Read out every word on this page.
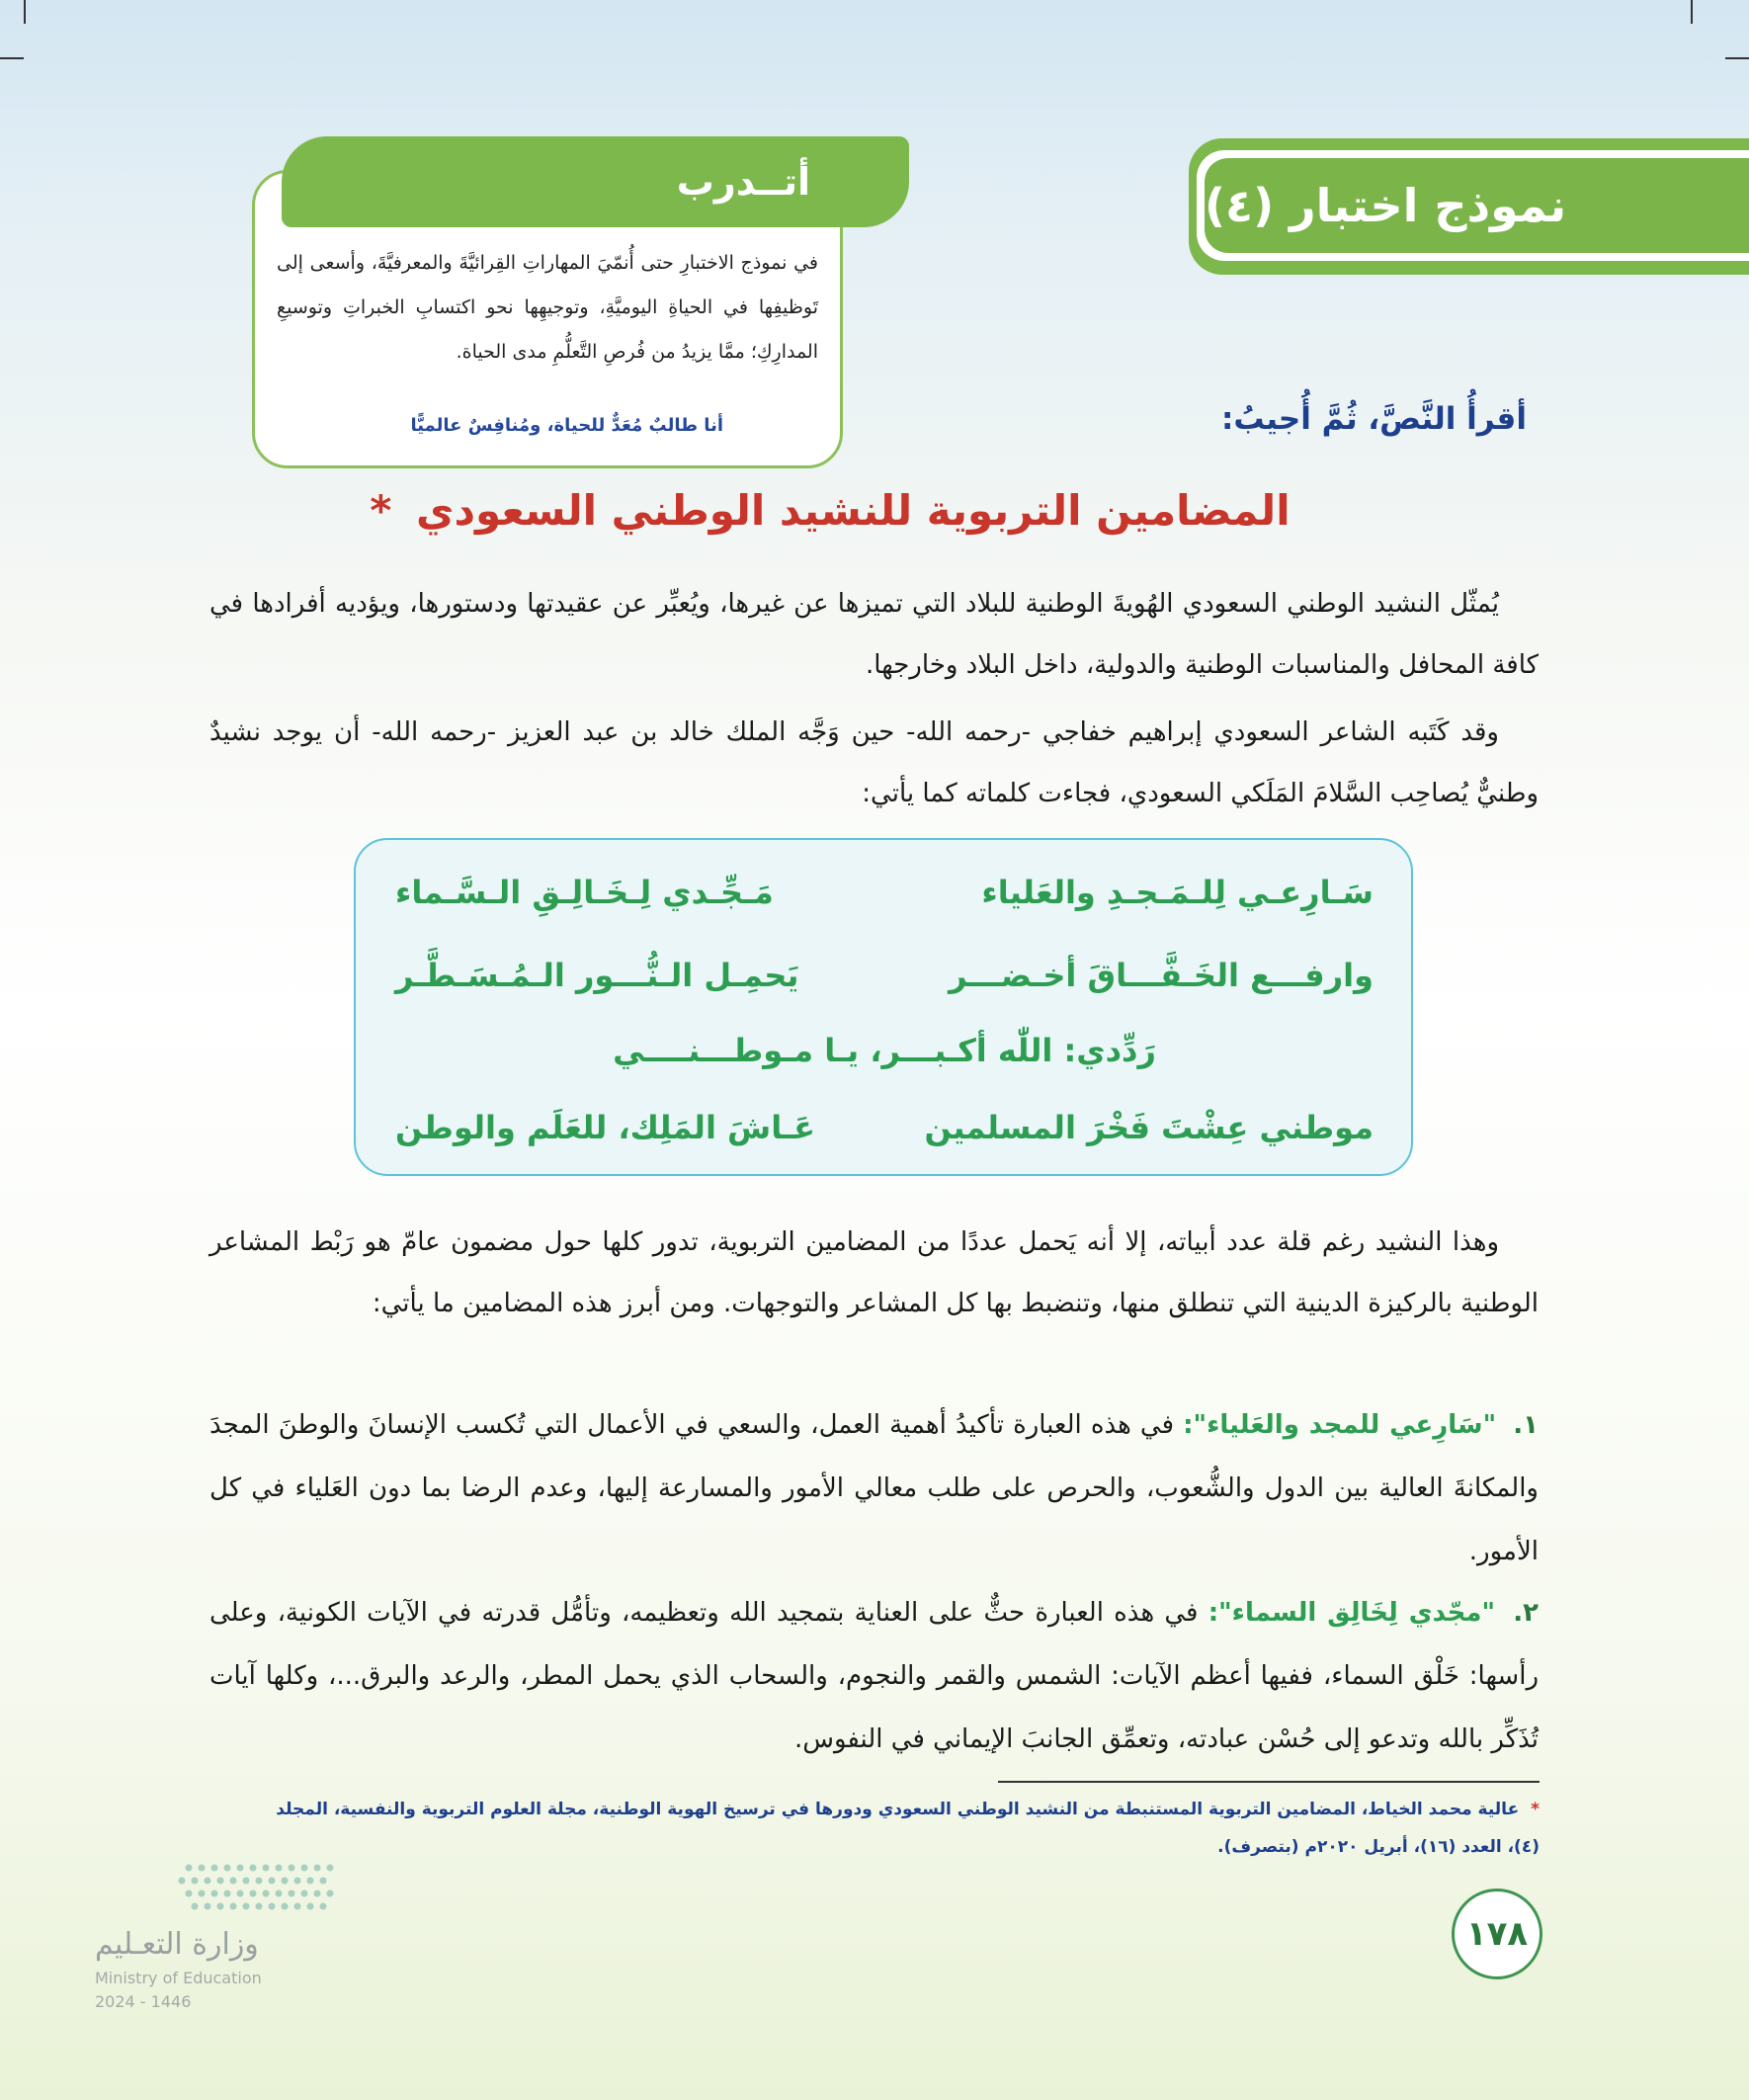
نموذج اختبار (٤)
أتــدرب
في نموذج الاختبارِ حتى أُنمّيَ المهاراتِ القِرائيَّةَ والمعرفيَّةَ، وأسعى إلى تَوظيفِها في الحياةِ اليوميَّةِ، وتوجيهِها نحو اكتسابِ الخبراتِ وتوسيعِ المدارِكِ؛ ممَّا يزيدُ من فُرصِ التَّعلُّمِ مدى الحياة.
أنا طالبٌ مُعَدٌّ للحياة، ومُنافِسٌ عالميًّا	أقرأُ النَّصَّ، ثُمَّ أُجيبُ:
المضامين التربوية للنشيد الوطني السعودي *
يُمثّل النشيد الوطني السعودي الهُويةَ الوطنية للبلاد التي تميزها عن غيرها، ويُعبِّر عن عقيدتها ودستورها، ويؤديه أفرادها في كافة المحافل والمناسبات الوطنية والدولية، داخل البلاد وخارجها.
وقد كَتَبه الشاعر السعودي إبراهيم خفاجي -رحمه الله- حين وَجَّه الملك خالد بن عبد العزيز -رحمه الله- أن يوجد نشيدٌ وطنيٌّ يُصاحِب السَّلامَ المَلَكي السعودي، فجاءت كلماته كما يأتي:
سَـارِعـي لِلـمَـجـدِ والعَلياء
مَـجِّـدي لِـخَـالِـقِ الـسَّـماء
وارفـــع الخَـفَّـــاقَ أخـضـــر
يَحمِـل الـنُّـــور الـمُـسَـطَّـر
رَدِّدي: اللّٰه أكـبـــر، يـا مـوطـــنــــي
موطني عِشْتَ فَخْرَ المسلمين
عَـاشَ المَلِك، للعَلَم والوطن
وهذا النشيد رغم قلة عدد أبياته، إلا أنه يَحمل عددًا من المضامين التربوية، تدور كلها حول مضمون عامّ هو رَبْط المشاعر الوطنية بالركيزة الدينية التي تنطلق منها، وتنضبط بها كل المشاعر والتوجهات. ومن أبرز هذه المضامين ما يأتي:
١. "سَارِعي للمجد والعَلياء": في هذه العبارة تأكيدُ أهمية العمل، والسعي في الأعمال التي تُكسب الإنسانَ والوطنَ المجدَ والمكانةَ العالية بين الدول والشُّعوب، والحرص على طلب معالي الأمور والمسارعة إليها، وعدم الرضا بما دون العَلياء في كل الأمور.
٢. "مجّدي لِخَالِق السماء": في هذه العبارة حثٌّ على العناية بتمجيد الله وتعظيمه، وتأمُّل قدرته في الآيات الكونية، وعلى رأسها: خَلْق السماء، ففيها أعظم الآيات: الشمس والقمر والنجوم، والسحاب الذي يحمل المطر، والرعد والبرق...، وكلها آيات تُذَكِّر بالله وتدعو إلى حُسْن عبادته، وتعمِّق الجانبَ الإيماني في النفوس.
* عالية محمد الخياط، المضامين التربوية المستنبطة من النشيد الوطني السعودي ودورها في ترسيخ الهوية الوطنية، مجلة العلوم التربوية والنفسية، المجلد (٤)، العدد (١٦)، أبريل ٢٠٢٠م (بتصرف).
١٧٨
وزارة التعـليم
Ministry of Education
2024 - 1446
